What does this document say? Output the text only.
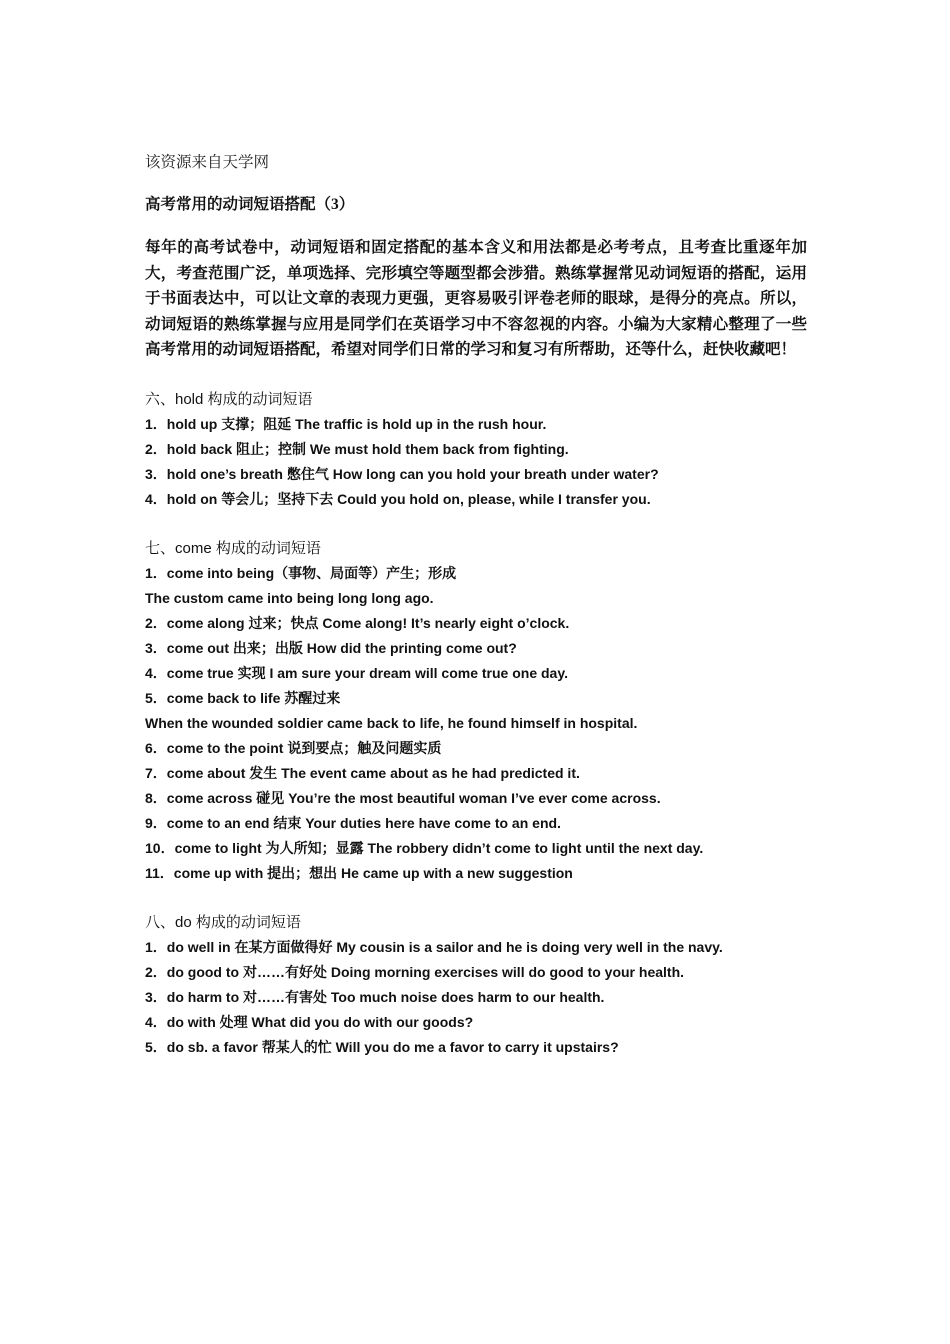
该资源来自天学网
高考常用的动词短语搭配（3）
每年的高考试卷中，动词短语和固定搭配的基本含义和用法都是必考考点，且考查比重逐年加大，考查范围广泛，单项选择、完形填空等题型都会涉猎。熟练掌握常见动词短语的搭配，运用于书面表达中，可以让文章的表现力更强，更容易吸引评卷老师的眼球，是得分的亮点。所以，动词短语的熟练掌握与应用是同学们在英语学习中不容忽视的内容。小编为大家精心整理了一些高考常用的动词短语搭配，希望对同学们日常的学习和复习有所帮助，还等什么，赶快收藏吧！
六、hold 构成的动词短语
1．hold up 支撑；阻延 The traffic is hold up in the rush hour.
2．hold back 阻止；控制 We must hold them back from fighting.
3．hold one’s breath 憋住气 How long can you hold your breath under water?
4．hold on 等会儿；坚持下去 Could you hold on, please, while I transfer you.
七、come 构成的动词短语
1．come into being（事物、局面等）产生；形成
The custom came into being long long ago.
2．come along 过来；快点 Come along! It’s nearly eight o’clock.
3．come out 出来；出版 How did the printing come out?
4．come true 实现 I am sure your dream will come true one day.
5．come back to life 苏醒过来
When the wounded soldier came back to life, he found himself in hospital.
6．come to the point 说到要点；触及问题实质
7．come about 发生 The event came about as he had predicted it.
8．come across 碰见 You’re the most beautiful woman I’ve ever come across.
9．come to an end 结束 Your duties here have come to an end.
10．come to light 为人所知；显露 The robbery didn’t come to light until the next day.
11．come up with 提出；想出 He came up with a new suggestion
八、do 构成的动词短语
1．do well in 在某方面做得好 My cousin is a sailor and he is doing very well in the navy.
2．do good to 对……有好处 Doing morning exercises will do good to your health.
3．do harm to 对……有害处 Too much noise does harm to our health.
4．do with 处理 What did you do with our goods?
5．do sb. a favor 帮某人的忙 Will you do me a favor to carry it upstairs?
